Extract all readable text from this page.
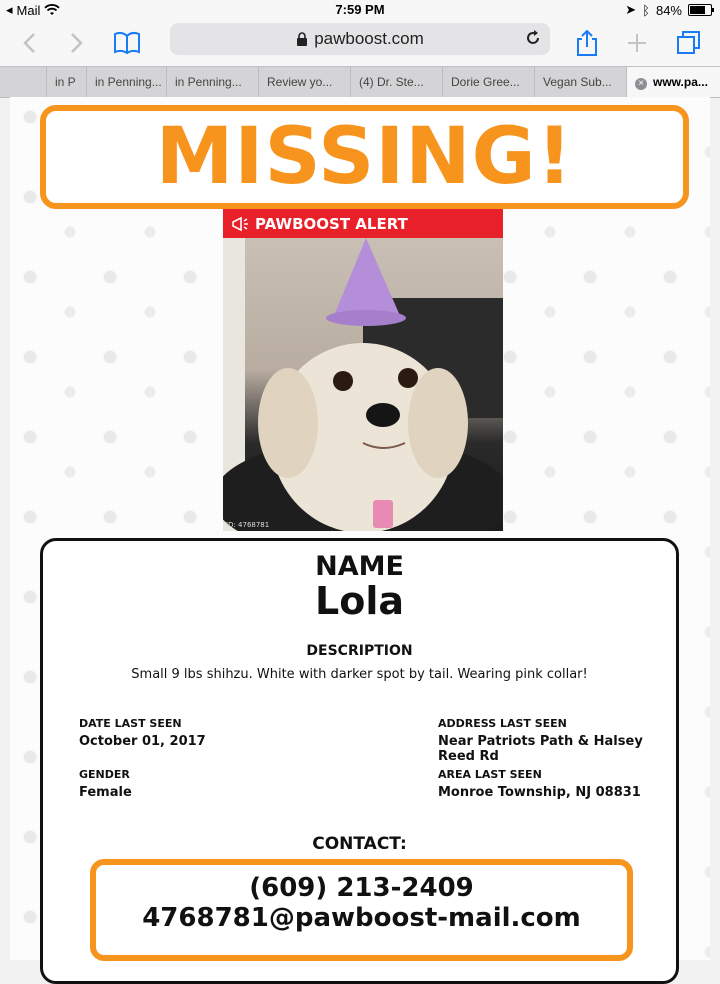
◂ Mail	7:59 PM	➤ ᛒ 84%
pawboost.com
in P	in Penning...	in Penning...	Review yo...	(4) Dr. Ste...	Dorie Gree...	Vegan Sub...	× www.pa...
MISSING!
PAWBOOST ALERT
ID: 4768781
NAME
Lola
DESCRIPTION
Small 9 lbs shihzu. White with darker spot by tail. Wearing pink collar!
DATE LAST SEEN
October 01, 2017
ADDRESS LAST SEEN
Near Patriots Path & Halsey Reed Rd
GENDER
Female
AREA LAST SEEN
Monroe Township, NJ 08831
CONTACT:
(609) 213-2409
4768781@pawboost-mail.com
